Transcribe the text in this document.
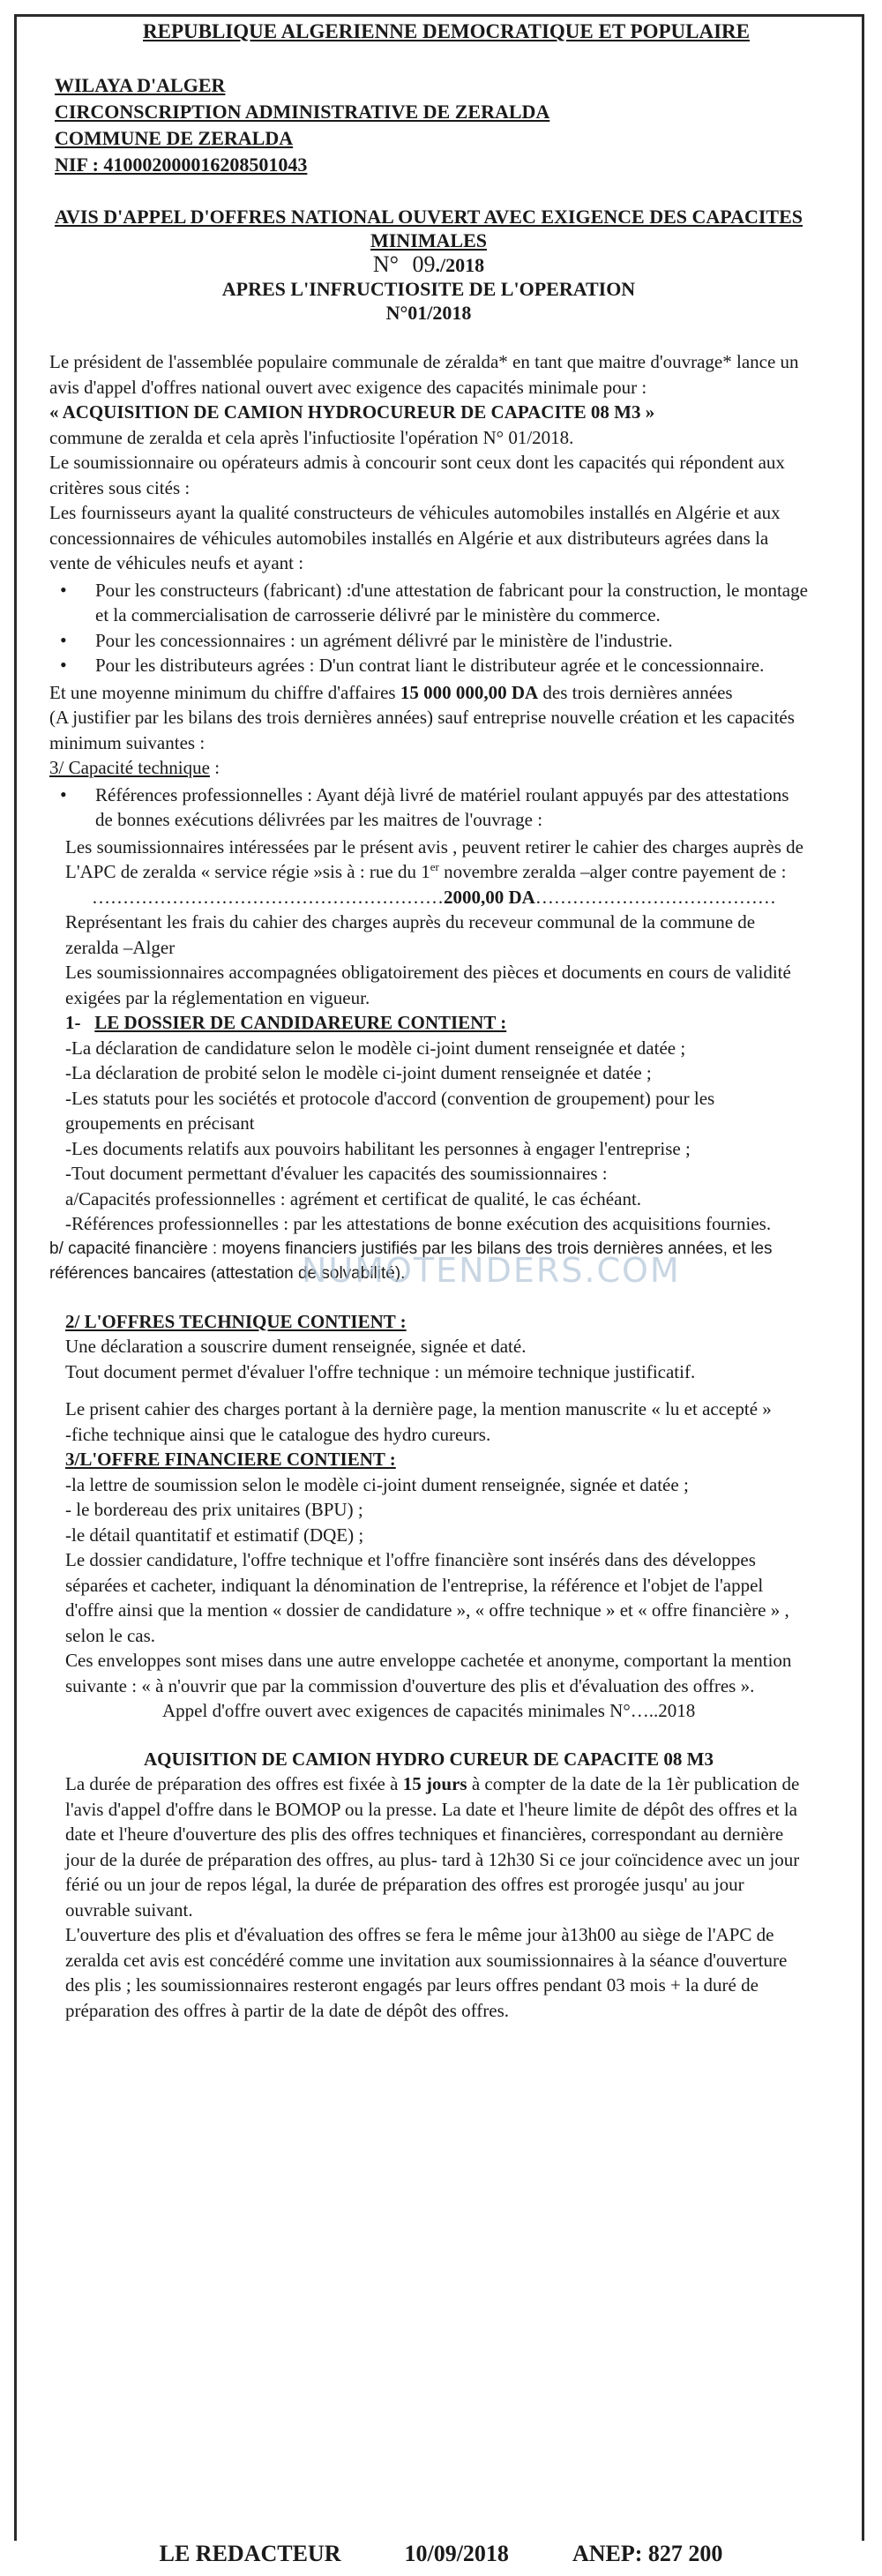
REPUBLIQUE ALGERIENNE DEMOCRATIQUE ET POPULAIRE

WILAYA D'ALGER

CIRCONSCRIPTION ADMINISTRATIVE DE ZERALDA

COMMUNE DE ZERALDA

NIF : 410002000016208501043

AVIS D'APPEL D'OFFRES NATIONAL OUVERT AVEC EXIGENCE DES CAPACITES

MINIMALES

N° 09./2018

APRES L'INFRUCTIOSITE DE L'OPERATION

N°01/2018

Le président de l'assemblée populaire communale de zéralda* en tant que maitre d'ouvrage* lance un avis d'appel d'offres national ouvert avec exigence des capacités minimale pour :

« ACQUISITION DE CAMION HYDROCUREUR DE CAPACITE 08 M3 »

commune de zeralda et cela après l'infuctiosite l'opération N° 01/2018.

Le soumissionnaire ou opérateurs admis à concourir sont ceux dont les capacités qui répondent aux critères sous cités :

Les fournisseurs ayant la qualité constructeurs de véhicules automobiles installés en Algérie et aux concessionnaires de véhicules automobiles installés en Algérie et aux distributeurs agrées dans la vente de véhicules neufs et ayant :

• Pour les constructeurs (fabricant) :d'une attestation de fabricant pour la construction, le montage et la commercialisation de carrosserie délivré par le ministère du commerce.
• Pour les concessionnaires : un agrément délivré par le ministère de l'industrie.
• Pour les distributeurs agrées : D'un contrat liant le distributeur agrée et le concessionnaire.

Et une moyenne minimum du chiffre d'affaires 15 000 000,00 DA des trois dernières années

(A justifier par les bilans des trois dernières années) sauf entreprise nouvelle création et les capacités minimum suivantes :

3/ Capacité technique :

• Références professionnelles : Ayant déjà livré de matériel roulant appuyés par des attestations de bonnes exécutions délivrées par les maitres de l'ouvrage :

Les soumissionnaires intéressées par le présent avis , peuvent retirer le cahier des charges auprès de L'APC de zeralda « service régie »sis à : rue du 1er novembre zeralda –alger contre payement de :

…………………………………………………2000,00 DA…………………………………

Représentant les frais du cahier des charges auprès du receveur communal de la commune de zeralda –Alger

Les soumissionnaires accompagnées obligatoirement des pièces et documents en cours de validité exigées par la réglementation en vigueur.

1- LE DOSSIER DE CANDIDAREURE CONTIENT :

-La déclaration de candidature selon le modèle ci-joint dument renseignée et datée ;

-La déclaration de probité selon le modèle ci-joint dument renseignée et datée ;

-Les statuts pour les sociétés et protocole d'accord (convention de groupement) pour les groupements en précisant

-Les documents relatifs aux pouvoirs habilitant les personnes à engager l'entreprise ;

-Tout document permettant d'évaluer les capacités des soumissionnaires :

a/Capacités professionnelles : agrément et certificat de qualité, le cas échéant.

-Références professionnelles : par les attestations de bonne exécution des acquisitions fournies.

b/ capacité financière : moyens financiers justifiés par les bilans des trois dernières années, et les références bancaires (attestation de solvabilité).

2/ L'OFFRES TECHNIQUE CONTIENT :

Une déclaration a souscrire dument renseignée, signée et daté.

Tout document permet d'évaluer l'offre technique : un mémoire technique justificatif.

Le prisent cahier des charges portant à la dernière page, la mention manuscrite « lu et accepté »

-fiche technique ainsi que le catalogue des hydro cureurs.

3/L'OFFRE FINANCIERE CONTIENT :

-la lettre de soumission selon le modèle ci-joint dument renseignée, signée et datée ;

- le bordereau des prix unitaires (BPU) ;

-le détail quantitatif et estimatif (DQE) ;

Le dossier candidature, l'offre technique et l'offre financière sont insérés dans des développes séparées et cacheter, indiquant la dénomination de l'entreprise, la référence et l'objet de l'appel d'offre ainsi que la mention « dossier de candidature », « offre technique » et « offre financière » , selon le cas.

Ces enveloppes sont mises dans une autre enveloppe cachetée et anonyme, comportant la mention suivante : « à n'ouvrir que par la commission d'ouverture des plis et d'évaluation des offres ».

Appel d'offre ouvert avec exigences de capacités minimales N°…..2018

AQUISITION DE CAMION HYDRO CUREUR DE CAPACITE 08 M3

La durée de préparation des offres est fixée à 15 jours à compter de la date de la 1èr publication de l'avis d'appel d'offre dans le BOMOP ou la presse. La date et l'heure limite de dépôt des offres et la date et l'heure d'ouverture des plis des offres techniques et financières, correspondant au dernière jour de la durée de préparation des offres, au plus- tard à 12h30 Si ce jour coïncidence avec un jour férié ou un jour de repos légal, la durée de préparation des offres est prorogée jusqu' au jour ouvrable suivant.

L'ouverture des plis et d'évaluation des offres se fera le même jour à13h00 au siège de l'APC de zeralda cet avis est concédéré comme une invitation aux soumissionnaires à la séance d'ouverture des plis ; les soumissionnaires resteront engagés par leurs offres pendant 03 mois + la duré de préparation des offres à partir de la date de dépôt des offres.

NUMOTENDERS.COM
LE REDACTEUR	10/09/2018	ANEP: 827 200
